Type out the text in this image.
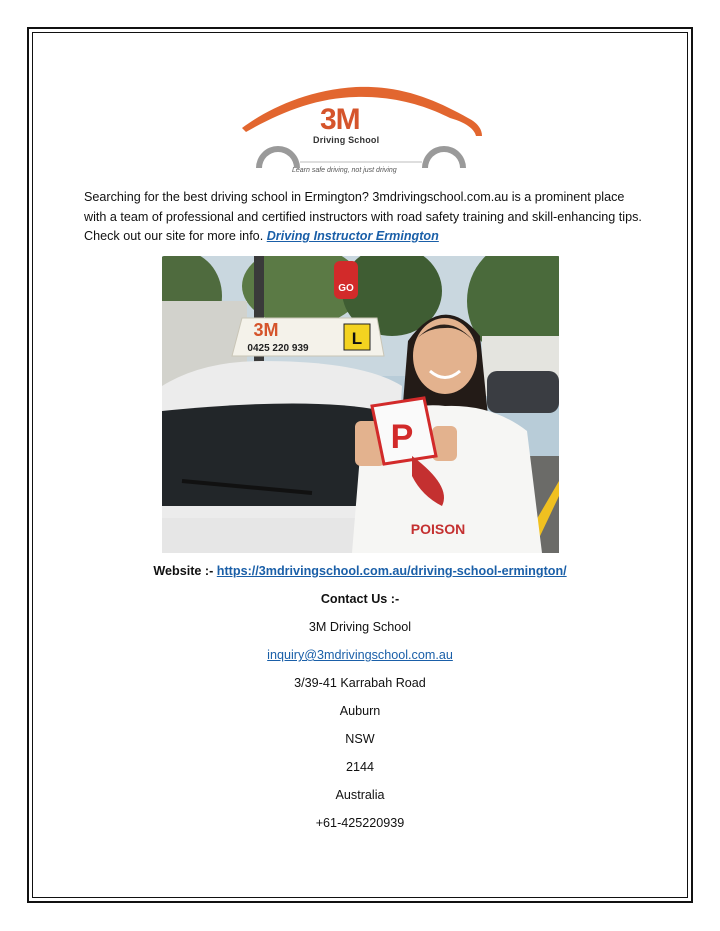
3M
Driving School
Learn safe driving, not just driving
Searching for the best driving school in Ermington? 3mdrivingschool.com.au is a prominent place with a team of professional and certified instructors with road safety training and skill-enhancing tips. Check out our site for more info. Driving Instructor Ermington
GO
3M
0425 220 939
L
P
POISON
Website :- https://3mdrivingschool.com.au/driving-school-ermington/
Contact Us :-
3M Driving School
inquiry@3mdrivingschool.com.au
3/39-41 Karrabah Road
Auburn
NSW
2144
Australia
+61-425220939
